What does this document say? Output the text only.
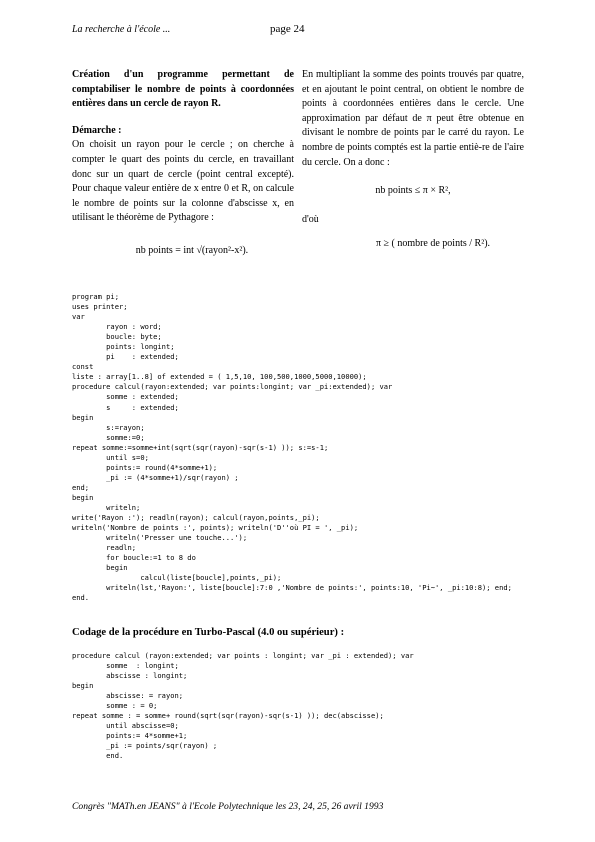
La recherche à l'école ...	page 24

Création d'un programme permettant de comptabiliser le nombre de points à coordonnées entières dans un cercle de rayon R.

Démarche :

On choisit un rayon pour le cercle ; on cherche à compter le quart des points du cercle, en travaillant donc sur un quart de cercle (point central excepté). Pour chaque valeur entière de x entre 0 et R, on calcule le nombre de points sur la colonne d'abscisse x, en utilisant le théorème de Pythagore :

nb points = int √(rayon²-x²).

En multipliant la somme des points trouvés par quatre, et en ajoutant le point central, on obtient le nombre de points à coordonnées entières dans le cercle. Une approximation par défaut de π peut être obtenue en divisant le nombre de points par le carré du rayon. Le nombre de points comptés est la partie entiè-re de l'aire du cercle. On a donc :

nb points ≤ π × R²,

d'où

π ≥ ( nombre de points / R²).

program pi;
uses printer;
var
rayon : word;
boucle: byte;
points: longint;
pi    : extended;
const
liste : array[1..8] of extended = ( 1,5,10, 100,500,1000,5000,10000);
procedure calcul(rayon:extended; var points:longint; var _pi:extended); var
somme : extended;
s     : extended;
begin
s:=rayon;
somme:=0;
repeat somme:=somme+int(sqrt(sqr(rayon)-sqr(s-1) )); s:=s-1;
until s=0;
points:= round(4*somme+1);
_pi := (4*somme+1)/sqr(rayon) ;
end;
begin
writeln;
write('Rayon :'); readln(rayon); calcul(rayon,points,_pi);
writeln('Nombre de points :', points); writeln('D''où PI = ', _pi);
writeln('Presser une touche...');
readln;
for boucle:=1 to 8 do
begin
calcul(liste[boucle],points,_pi);
writeln(lst,'Rayon:', liste[boucle]:7:0 ,'Nombre de points:', points:10, 'Pi~', _pi:10:8); end;
end.

Codage de la procédure en Turbo-Pascal (4.0 ou supérieur) :

procedure calcul (rayon:extended; var points : longint; var _pi : extended); var
somme  : longint;
abscisse : longint;
begin
abscisse: = rayon;
somme : = 0;
repeat somme : = somme+ round(sqrt(sqr(rayon)-sqr(s-1) )); dec(abscisse);
until abscisse=0;
points:= 4*somme+1;
_pi := points/sqr(rayon) ;
end.
Congrès "MATh.en JEANS" à l'Ecole Polytechnique les 23, 24, 25, 26 avril 1993
